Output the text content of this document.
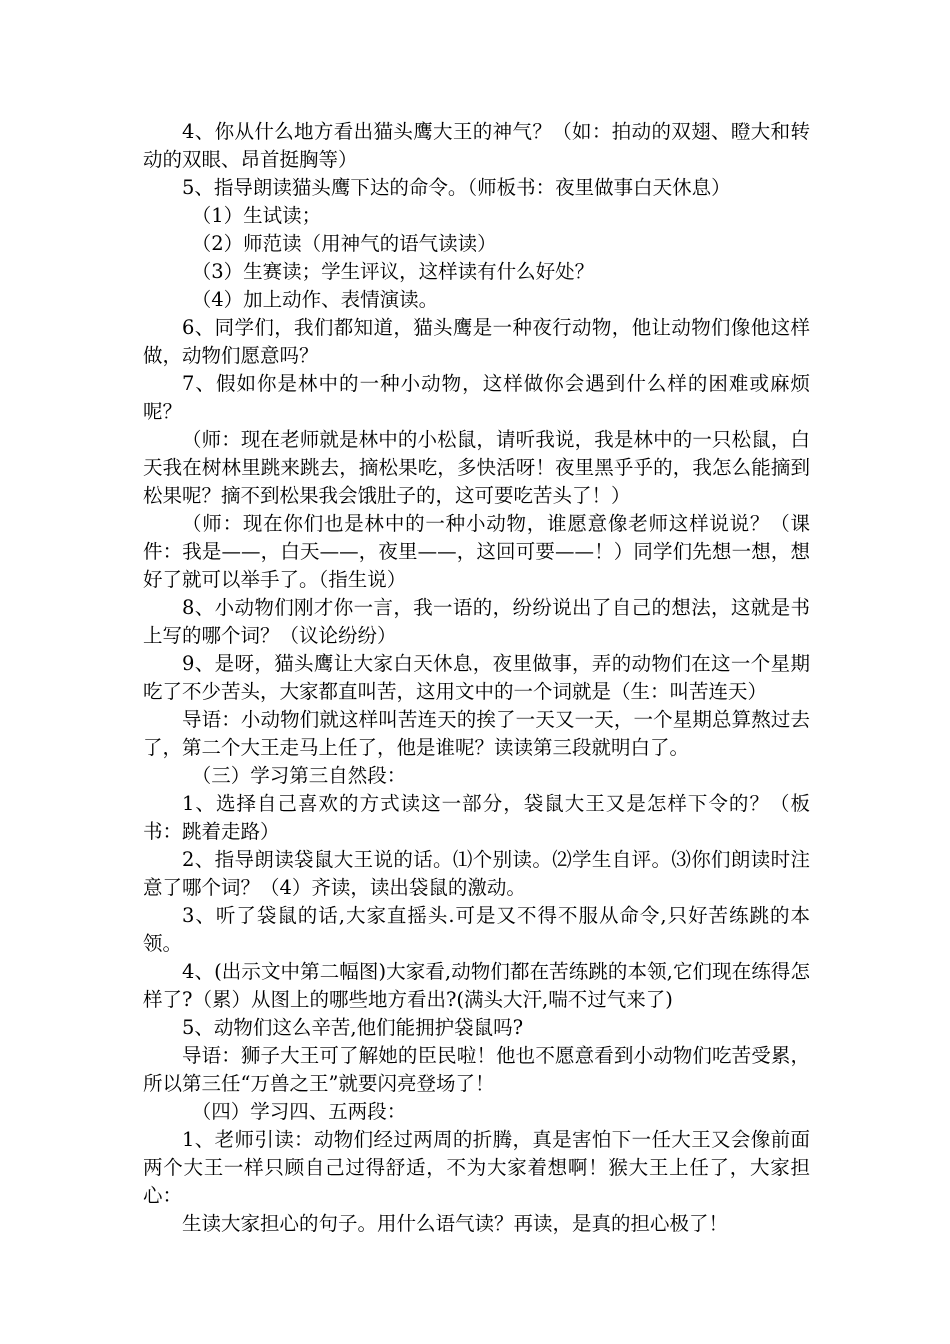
4、你从什么地方看出猫头鹰大王的神气？（如：拍动的双翅、瞪大和转动的双眼、昂首挺胸等）

5、指导朗读猫头鹰下达的命令。（师板书：夜里做事白天休息）

（1）生试读；

（2）师范读（用神气的语气读读）

（3）生赛读；学生评议，这样读有什么好处？

（4）加上动作、表情演读。

6、同学们，我们都知道，猫头鹰是一种夜行动物，他让动物们像他这样做，动物们愿意吗？

7、假如你是林中的一种小动物，这样做你会遇到什么样的困难或麻烦呢？

（师：现在老师就是林中的小松鼠，请听我说，我是林中的一只松鼠，白天我在树林里跳来跳去，摘松果吃，多快活呀！夜里黑乎乎的，我怎么能摘到松果呢？摘不到松果我会饿肚子的，这可要吃苦头了！）

（师：现在你们也是林中的一种小动物，谁愿意像老师这样说说？（课件：我是——，白天——，夜里——，这回可要——！）同学们先想一想，想好了就可以举手了。（指生说）

8、小动物们刚才你一言，我一语的，纷纷说出了自己的想法，这就是书上写的哪个词？（议论纷纷）

9、是呀，猫头鹰让大家白天休息，夜里做事，弄的动物们在这一个星期吃了不少苦头，大家都直叫苦，这用文中的一个词就是（生：叫苦连天）

导语：小动物们就这样叫苦连天的挨了一天又一天，一个星期总算熬过去了，第二个大王走马上任了，他是谁呢？读读第三段就明白了。

（三）学习第三自然段：

1、选择自己喜欢的方式读这一部分，袋鼠大王又是怎样下令的？（板书：跳着走路）

2、指导朗读袋鼠大王说的话。⑴个别读。⑵学生自评。⑶你们朗读时注意了哪个词？（4）齐读，读出袋鼠的激动。

3、听了袋鼠的话,大家直摇头.可是又不得不服从命令,只好苦练跳的本领。

4、(出示文中第二幅图)大家看,动物们都在苦练跳的本领,它们现在练得怎样了?（累）从图上的哪些地方看出?(满头大汗,喘不过气来了)

5、动物们这么辛苦,他们能拥护袋鼠吗?

导语：狮子大王可了解她的臣民啦！他也不愿意看到小动物们吃苦受累，所以第三任“万兽之王”就要闪亮登场了！

（四）学习四、五两段：

1、老师引读：动物们经过两周的折腾，真是害怕下一任大王又会像前面两个大王一样只顾自己过得舒适，不为大家着想啊！猴大王上任了，大家担心：

生读大家担心的句子。用什么语气读？再读，是真的担心极了！
